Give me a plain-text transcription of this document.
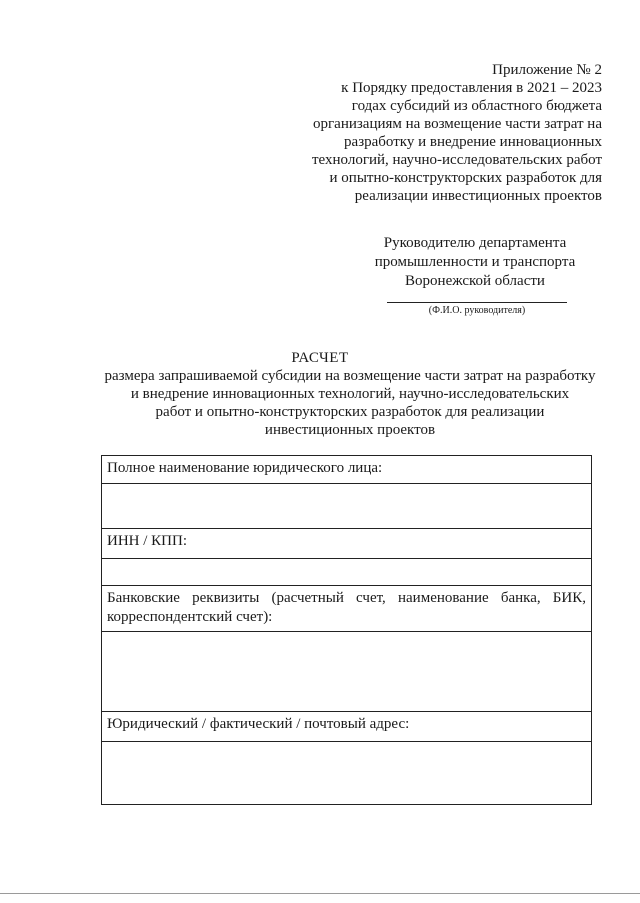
Приложение № 2
к Порядку предоставления в 2021 – 2023
годах субсидий из областного бюджета
организациям на возмещение части затрат на
разработку и внедрение инновационных
технологий, научно-исследовательских работ
и опытно-конструкторских разработок для
реализации инвестиционных проектов
Руководителю департамента
промышленности и транспорта
Воронежской области
(Ф.И.О. руководителя)
РАСЧЕТ
размера запрашиваемой субсидии на возмещение части затрат на разработку
и внедрение инновационных технологий, научно-исследовательских
работ и опытно-конструкторских разработок для реализации
инвестиционных проектов
Полное наименование юридического лица:
ИНН / КПП:
Банковские реквизиты (расчетный счет, наименование банка, БИК, корреспондентский счет):
Юридический / фактический / почтовый адрес:
